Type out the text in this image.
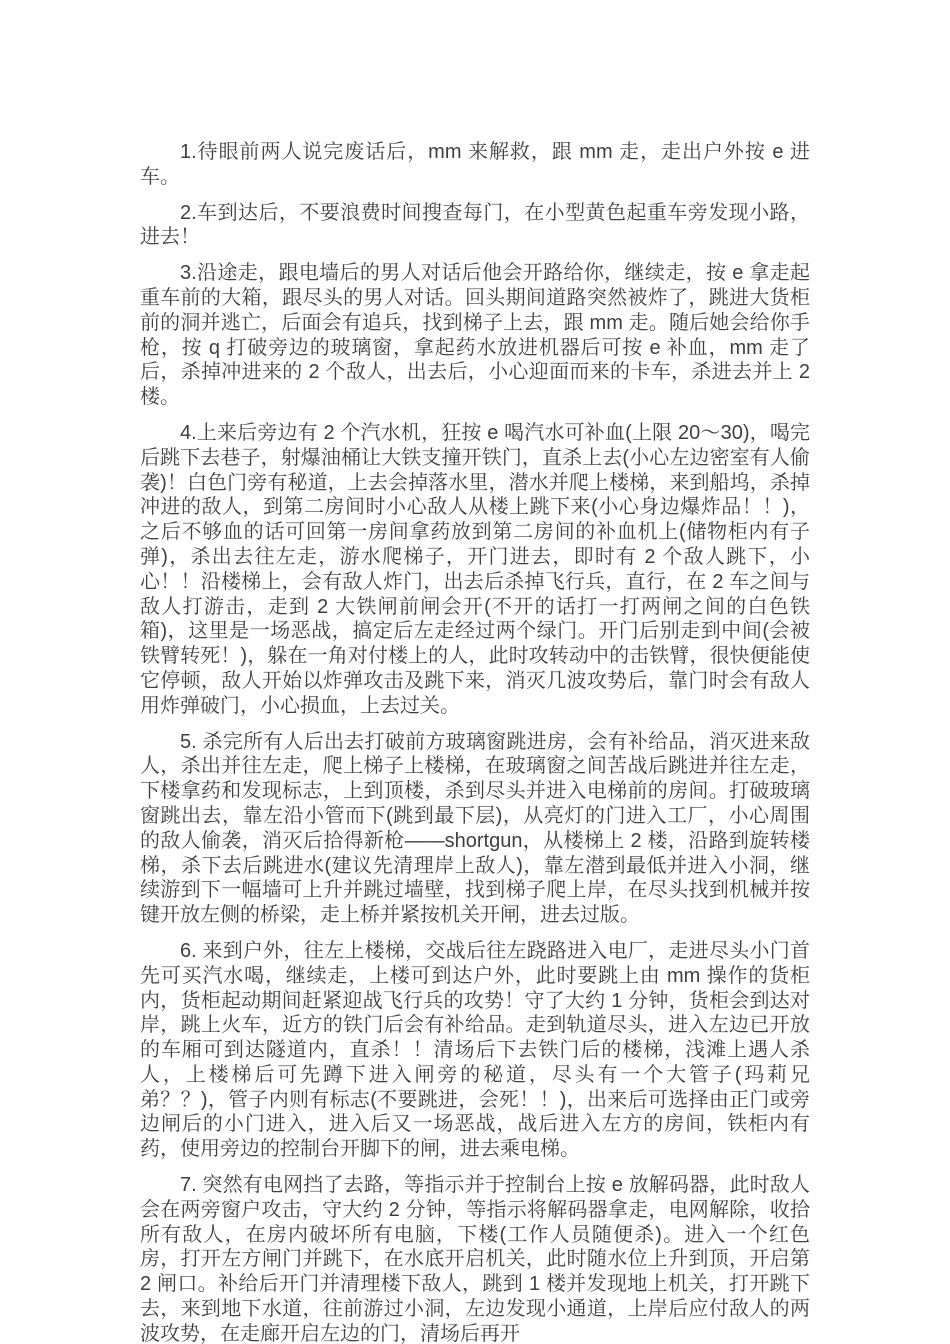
1.待眼前两人说完废话后，mm 来解救，跟 mm 走，走出户外按 e 进车。

2.车到达后，不要浪费时间搜查每门，在小型黄色起重车旁发现小路，进去！

3.沿途走，跟电墙后的男人对话后他会开路给你，继续走，按 e 拿走起重车前的大箱，跟尽头的男人对话。回头期间道路突然被炸了，跳进大货柜前的洞并逃亡，后面会有追兵，找到梯子上去，跟 mm 走。随后她会给你手枪，按 q 打破旁边的玻璃窗，拿起药水放进机器后可按 e 补血，mm 走了后，杀掉冲进来的 2 个敌人，出去后，小心迎面而来的卡车，杀进去并上 2 楼。

4.上来后旁边有 2 个汽水机，狂按 e 喝汽水可补血(上限 20～30)，喝完后跳下去巷子，射爆油桶让大铁支撞开铁门，直杀上去(小心左边密室有人偷袭)！白色门旁有秘道，上去会掉落水里，潜水并爬上楼梯，来到船坞，杀掉冲进的敌人，到第二房间时小心敌人从楼上跳下来(小心身边爆炸品！！)，之后不够血的话可回第一房间拿药放到第二房间的补血机上(储物柜内有子弹)，杀出去往左走，游水爬梯子，开门进去，即时有 2 个敌人跳下，小心！！沿楼梯上，会有敌人炸门，出去后杀掉飞行兵，直行，在 2 车之间与敌人打游击，走到 2 大铁闸前闸会开(不开的话打一打两闸之间的白色铁箱)，这里是一场恶战，搞定后左走经过两个绿门。开门后别走到中间(会被铁臂转死！)，躲在一角对付楼上的人，此时攻转动中的击铁臂，很快便能使它停顿，敌人开始以炸弹攻击及跳下来，消灭几波攻势后，靠门时会有敌人用炸弹破门，小心损血，上去过关。

5. 杀完所有人后出去打破前方玻璃窗跳进房，会有补给品，消灭进来敌人，杀出并往左走，爬上梯子上楼梯，在玻璃窗之间苦战后跳进并往左走，下楼拿药和发现标志，上到顶楼，杀到尽头并进入电梯前的房间。打破玻璃窗跳出去，靠左沿小管而下(跳到最下层)，从亮灯的门进入工厂，小心周围的敌人偷袭，消灭后拾得新枪——shortgun，从楼梯上 2 楼，沿路到旋转楼梯，杀下去后跳进水(建议先清理岸上敌人)，靠左潜到最低并进入小洞，继续游到下一幅墙可上升并跳过墙壁，找到梯子爬上岸，在尽头找到机械并按键开放左侧的桥梁，走上桥并紧按机关开闸，进去过版。

6. 来到户外，往左上楼梯，交战后往左跷路进入电厂，走进尽头小门首先可买汽水喝，继续走，上楼可到达户外，此时要跳上由 mm 操作的货柜内，货柜起动期间赶紧迎战飞行兵的攻势！守了大约 1 分钟，货柜会到达对岸，跳上火车，近方的铁门后会有补给品。走到轨道尽头，进入左边已开放的车厢可到达隧道内，直杀！！清场后下去铁门后的楼梯，浅滩上遇人杀人，上楼梯后可先蹲下进入闸旁的秘道，尽头有一个大管子(玛莉兄弟？？)，管子内则有标志(不要跳进，会死！！)，出来后可选择由正门或旁边闸后的小门进入，进入后又一场恶战，战后进入左方的房间，铁柜内有药，使用旁边的控制台开脚下的闸，进去乘电梯。

7. 突然有电网挡了去路，等指示并于控制台上按 e 放解码器，此时敌人会在两旁窗户攻击，守大约 2 分钟，等指示将解码器拿走，电网解除，收拾所有敌人，在房内破坏所有电脑，下楼(工作人员随便杀)。进入一个红色房，打开左方闸门并跳下，在水底开启机关，此时随水位上升到顶，开启第 2 闸口。补给后开门并清理楼下敌人，跳到 1 楼并发现地上机关，打开跳下去，来到地下水道，往前游过小洞，左边发现小通道，上岸后应付敌人的两波攻势，在走廊开启左边的门，清场后再开
